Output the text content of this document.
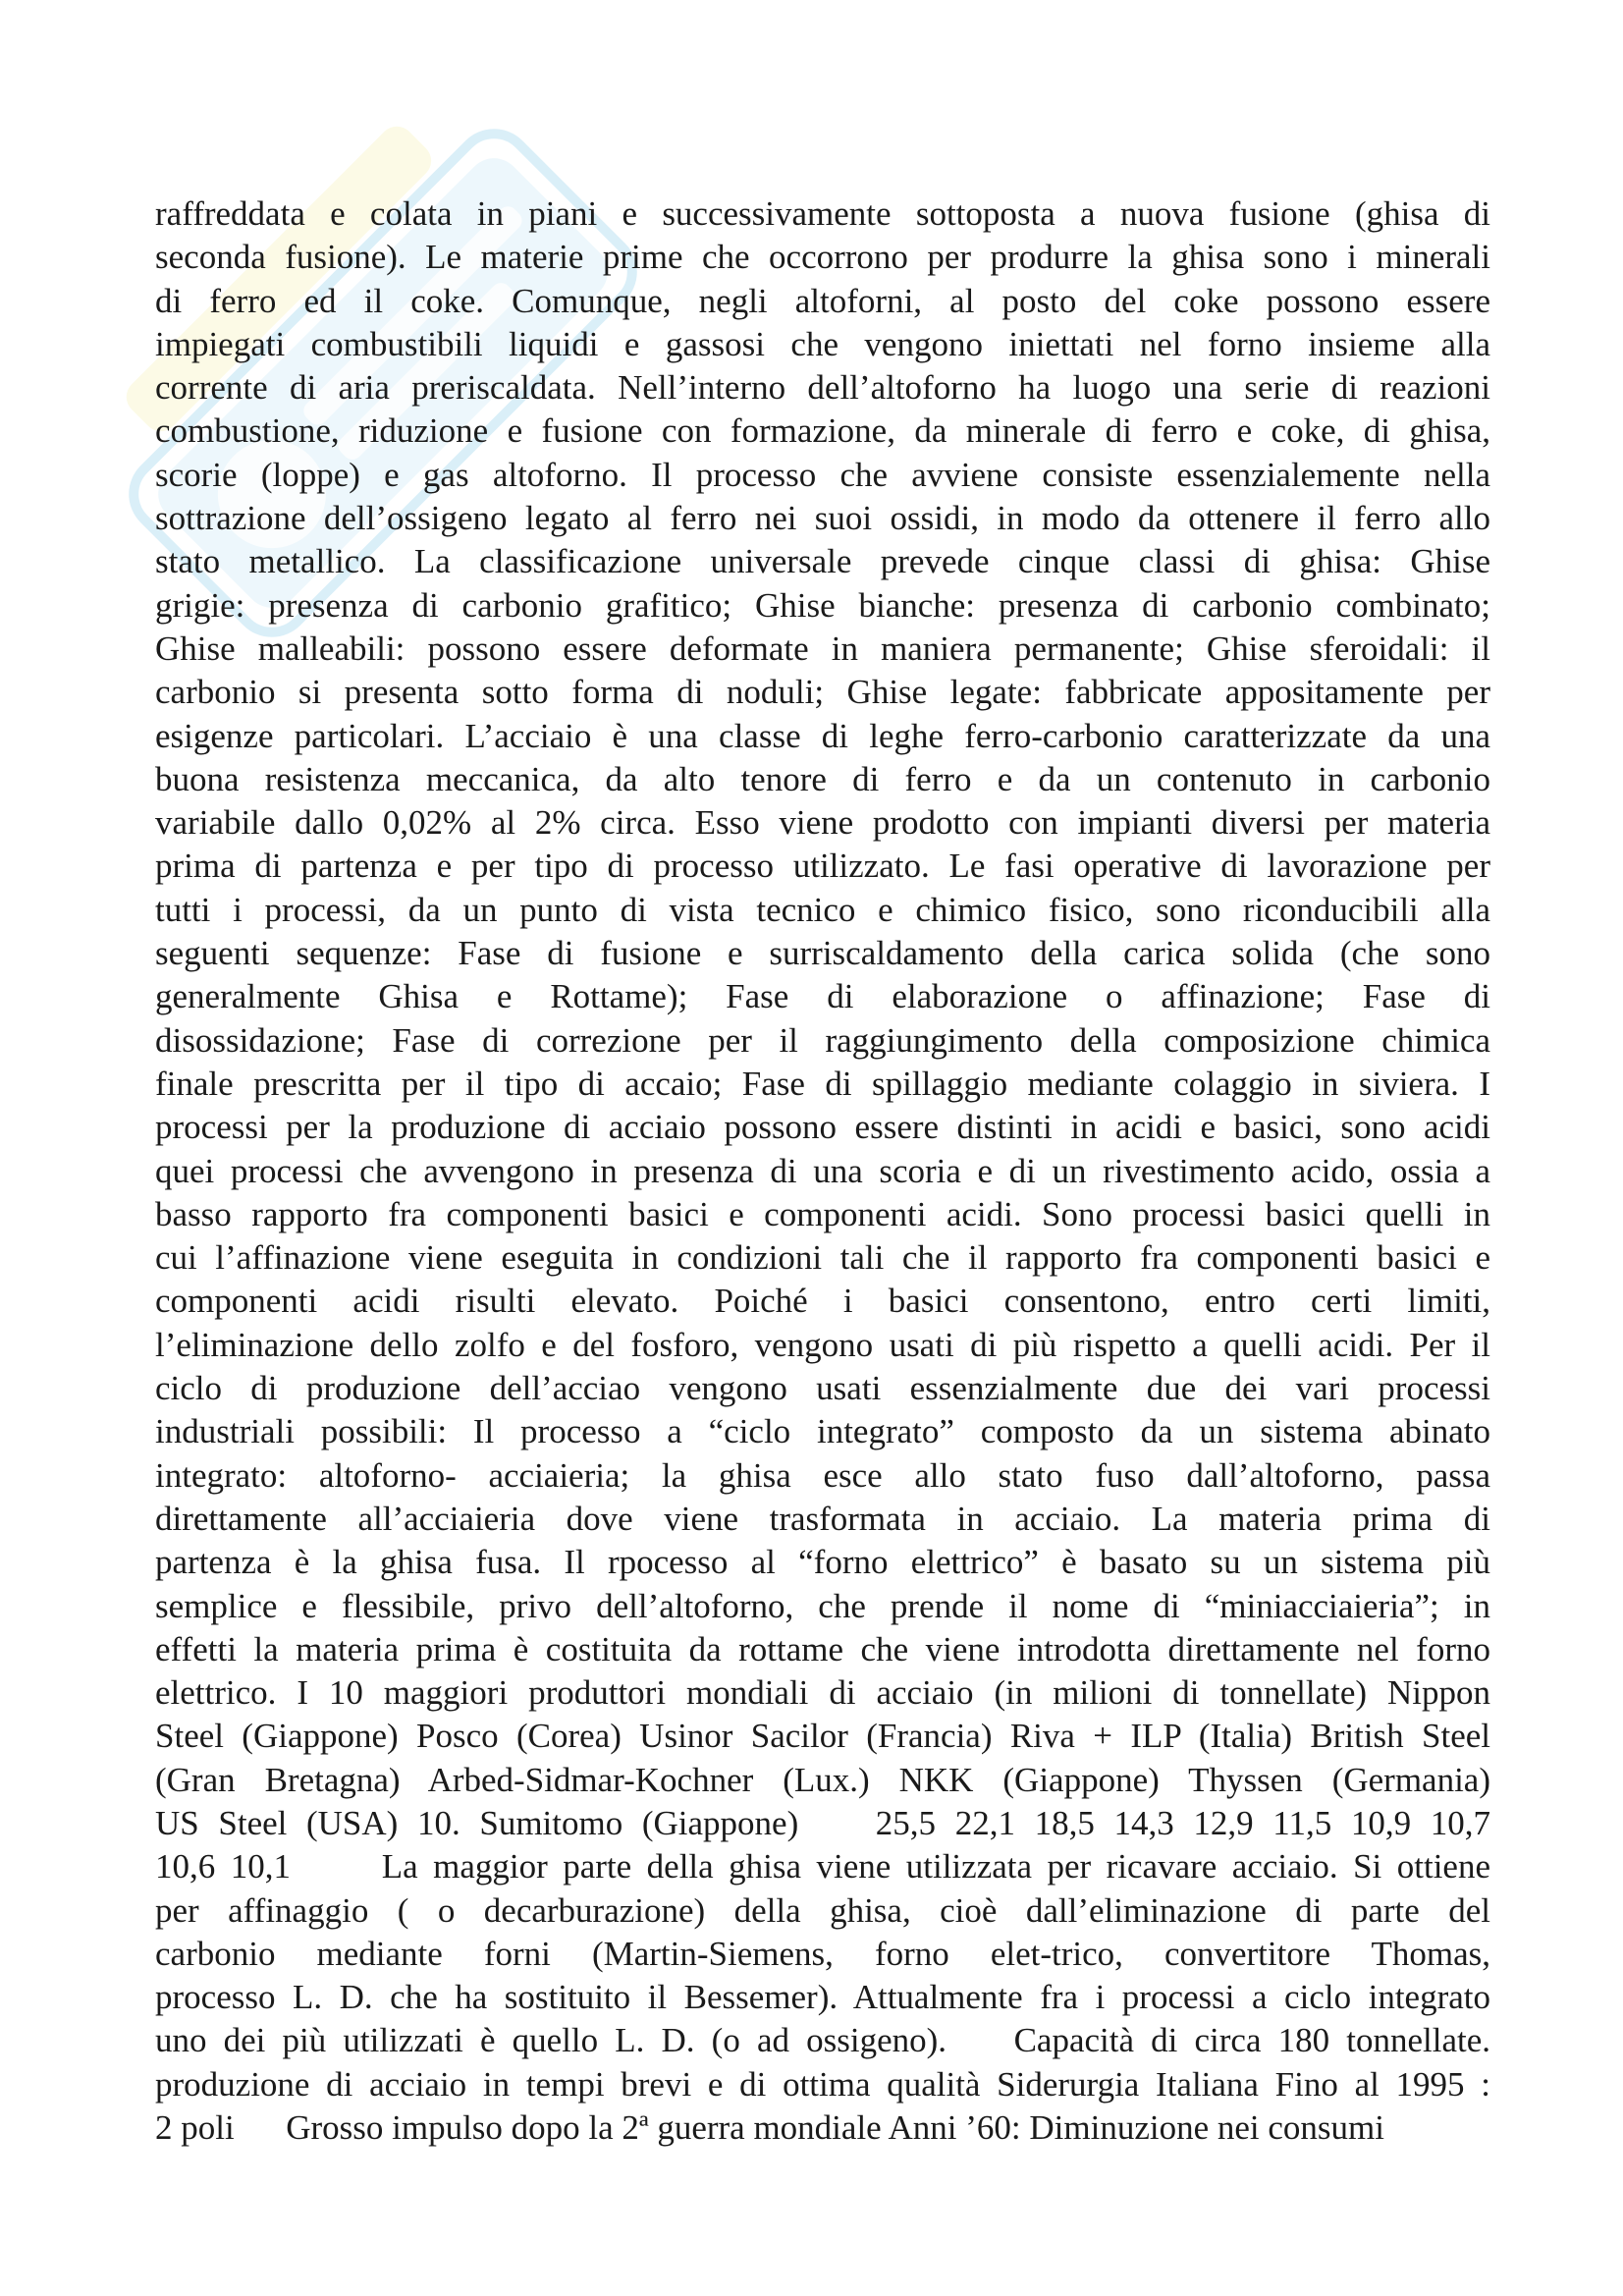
raffreddata e colata in piani e successivamente sottoposta a nuova fusione (ghisa di
seconda fusione). Le materie prime che occorrono per produrre la ghisa sono i minerali
di ferro ed il coke. Comunque, negli altoforni, al posto del coke possono essere
impiegati combustibili liquidi e gassosi che vengono iniettati nel forno insieme alla
corrente di aria preriscaldata. Nell’interno dell’altoforno ha luogo una serie di reazioni
combustione, riduzione e fusione con formazione, da minerale di ferro e coke, di ghisa,
scorie (loppe) e gas altoforno. Il processo che avviene consiste essenzialemente nella
sottrazione dell’ossigeno legato al ferro nei suoi ossidi, in modo da ottenere il ferro allo
stato metallico. La classificazione universale prevede cinque classi di ghisa: Ghise
grigie: presenza di carbonio grafitico; Ghise bianche: presenza di carbonio combinato;
Ghise malleabili: possono essere deformate in maniera permanente; Ghise sferoidali: il
carbonio si presenta sotto forma di noduli; Ghise legate: fabbricate appositamente per
esigenze particolari. L’acciaio è una classe di leghe ferro-carbonio caratterizzate da una
buona resistenza meccanica, da alto tenore di ferro e da un contenuto in carbonio
variabile dallo 0,02% al 2% circa. Esso viene prodotto con impianti diversi per materia
prima di partenza e per tipo di processo utilizzato. Le fasi operative di lavorazione per
tutti i processi, da un punto di vista tecnico e chimico fisico, sono riconducibili alla
seguenti sequenze: Fase di fusione e surriscaldamento della carica solida (che sono
generalmente Ghisa e Rottame); Fase di elaborazione o affinazione; Fase di
disossidazione; Fase di correzione per il raggiungimento della composizione chimica
finale prescritta per il tipo di accaio; Fase di spillaggio mediante colaggio in siviera. I
processi per la produzione di acciaio possono essere distinti in acidi e basici, sono acidi
quei processi che avvengono in presenza di una scoria e di un rivestimento acido, ossia a
basso rapporto fra componenti basici e componenti acidi. Sono processi basici quelli in
cui l’affinazione viene eseguita in condizioni tali che il rapporto fra componenti basici e
componenti acidi risulti elevato. Poiché i basici consentono, entro certi limiti,
l’eliminazione dello zolfo e del fosforo, vengono usati di più rispetto a quelli acidi. Per il
ciclo di produzione dell’acciao vengono usati essenzialmente due dei vari processi
industriali possibili: Il processo a “ciclo integrato” composto da un sistema abinato
integrato: altoforno- acciaieria; la ghisa esce allo stato fuso dall’altoforno, passa
direttamente all’acciaieria dove viene trasformata in acciaio. La materia prima di
partenza è la ghisa fusa. Il rpocesso al “forno elettrico” è basato su un sistema più
semplice e flessibile, privo dell’altoforno, che prende il nome di “miniacciaieria”; in
effetti la materia prima è costituita da rottame che viene introdotta direttamente nel forno
elettrico. I 10 maggiori produttori mondiali di acciaio (in milioni di tonnellate) Nippon
Steel (Giappone) Posco (Corea) Usinor Sacilor (Francia) Riva + ILP (Italia) British Steel
(Gran Bretagna) Arbed-Sidmar-Kochner (Lux.) NKK (Giappone) Thyssen (Germania)
US Steel (USA) 10. Sumitomo (Giappone)    25,5 22,1 18,5 14,3 12,9 11,5 10,9 10,7
10,6 10,1      La maggior parte della ghisa viene utilizzata per ricavare acciaio. Si ottiene
per affinaggio ( o decarburazione) della ghisa, cioè dall’eliminazione di parte del
carbonio mediante forni (Martin-Siemens, forno elet-trico, convertitore Thomas,
processo L. D. che ha sostituito il Bessemer). Attualmente fra i processi a ciclo integrato
uno dei più utilizzati è quello L. D. (o ad ossigeno).    Capacità di circa 180 tonnellate.
produzione di acciaio in tempi brevi e di ottima qualità Siderurgia Italiana Fino al 1995 :
2 poli      Grosso impulso dopo la 2ª guerra mondiale Anni ’60: Diminuzione nei consumi
